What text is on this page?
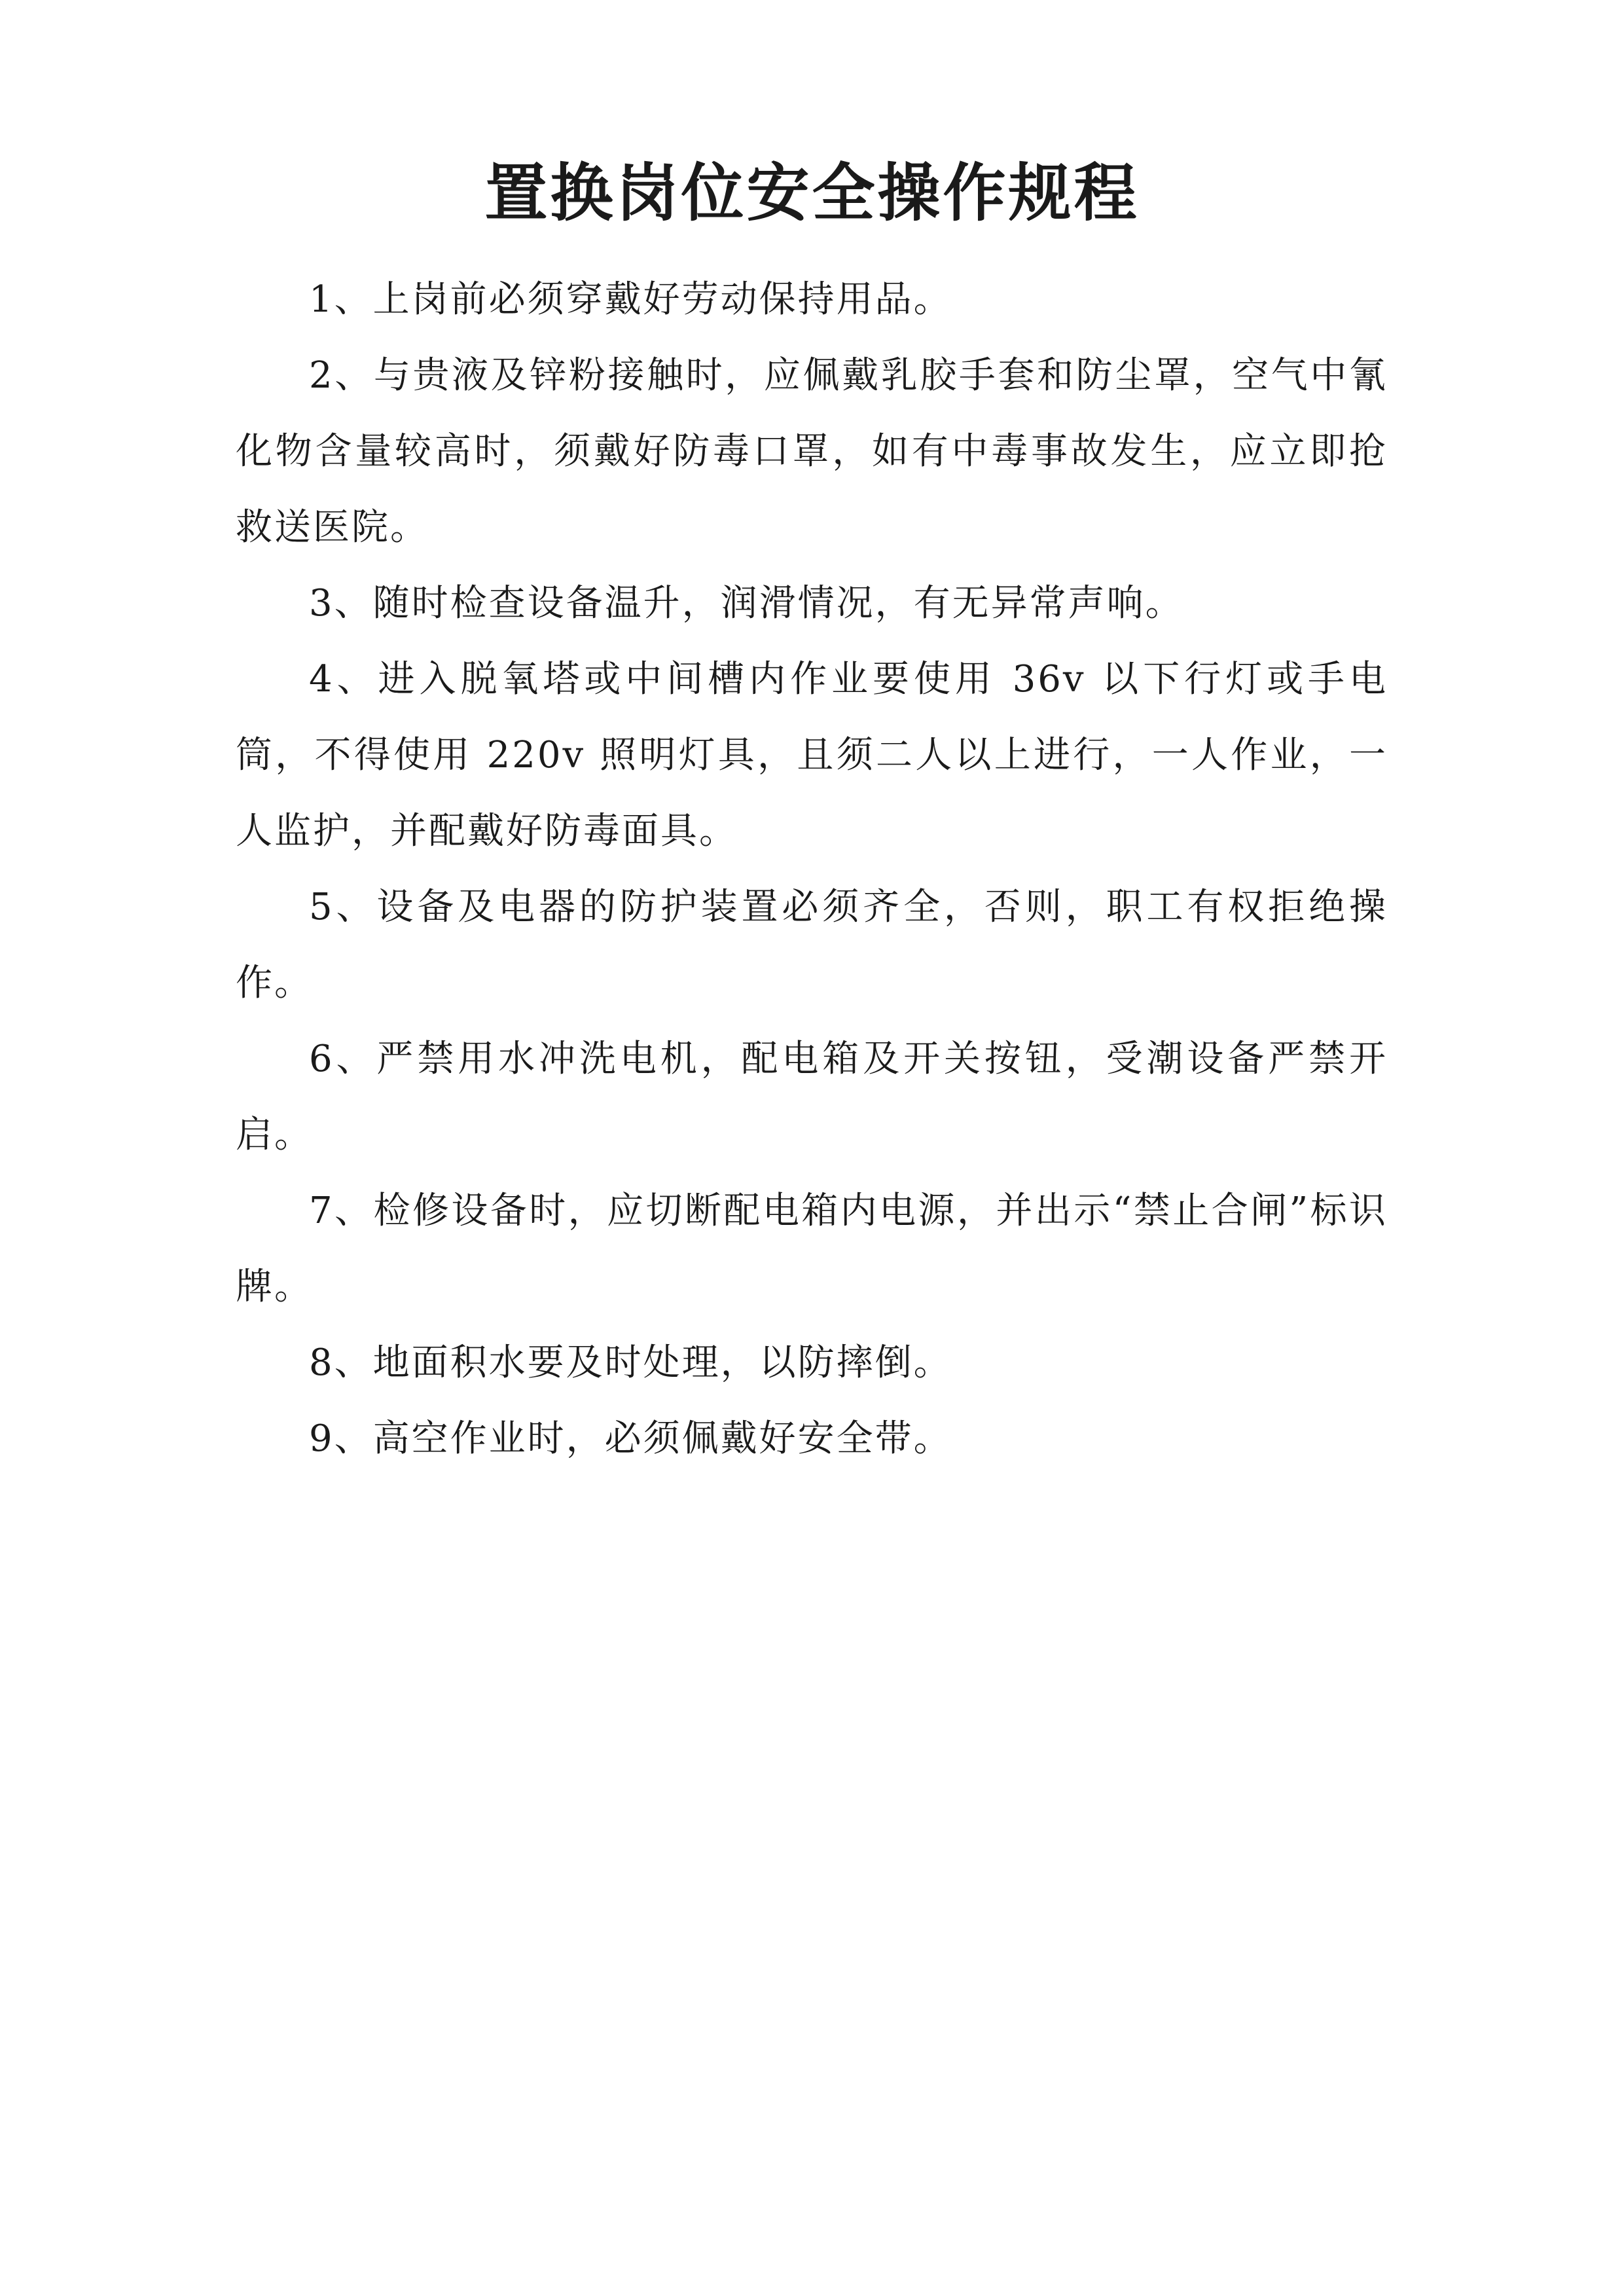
置换岗位安全操作规程

1、上岗前必须穿戴好劳动保持用品。

2、与贵液及锌粉接触时，应佩戴乳胶手套和防尘罩，空气中氰化物含量较高时，须戴好防毒口罩，如有中毒事故发生，应立即抢救送医院。

3、随时检查设备温升，润滑情况，有无异常声响。

4、进入脱氧塔或中间槽内作业要使用 36v 以下行灯或手电筒，不得使用 220v 照明灯具，且须二人以上进行，一人作业，一人监护，并配戴好防毒面具。

5、设备及电器的防护装置必须齐全，否则，职工有权拒绝操作。

6、严禁用水冲洗电机，配电箱及开关按钮，受潮设备严禁开启。

7、检修设备时，应切断配电箱内电源，并出示“禁止合闸”标识牌。

8、地面积水要及时处理，以防摔倒。

9、高空作业时，必须佩戴好安全带。
